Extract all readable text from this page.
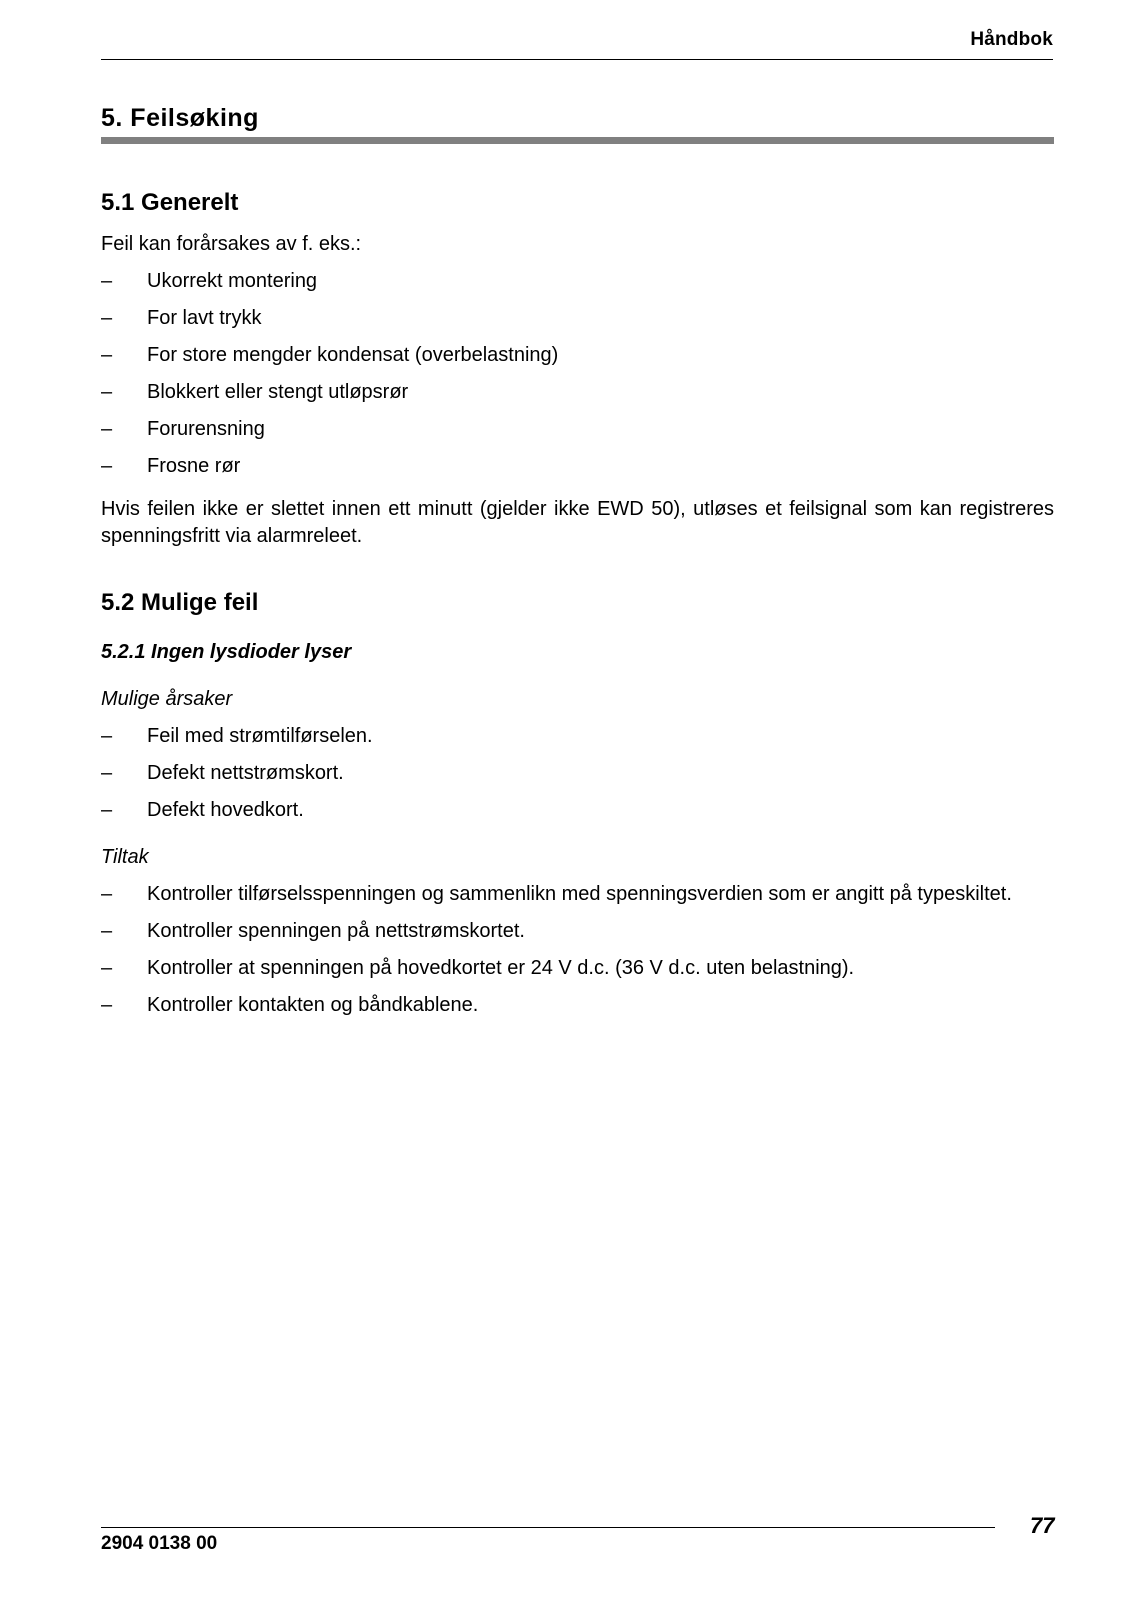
Håndbok
5. Feilsøking
5.1 Generelt

Feil kan forårsakes av f. eks.:

– Ukorrekt montering
– For lavt trykk
– For store mengder kondensat (overbelastning)
– Blokkert eller stengt utløpsrør
– Forurensning
– Frosne rør

Hvis feilen ikke er slettet innen ett minutt (gjelder ikke EWD 50), utløses et feilsignal som kan registreres spenningsfritt via alarmreleet.

5.2 Mulige feil
5.2.1 Ingen lysdioder lyser

Mulige årsaker

– Feil med strømtilførselen.
– Defekt nettstrømskort.
– Defekt hovedkort.

Tiltak

– Kontroller tilførselsspenningen og sammenlikn med spenningsverdien som er angitt på typeskiltet.
– Kontroller spenningen på nettstrømskortet.
– Kontroller at spenningen på hovedkortet er 24 V d.c. (36 V d.c. uten belastning).
– Kontroller kontakten og båndkablene.
2904 0138 00
77
